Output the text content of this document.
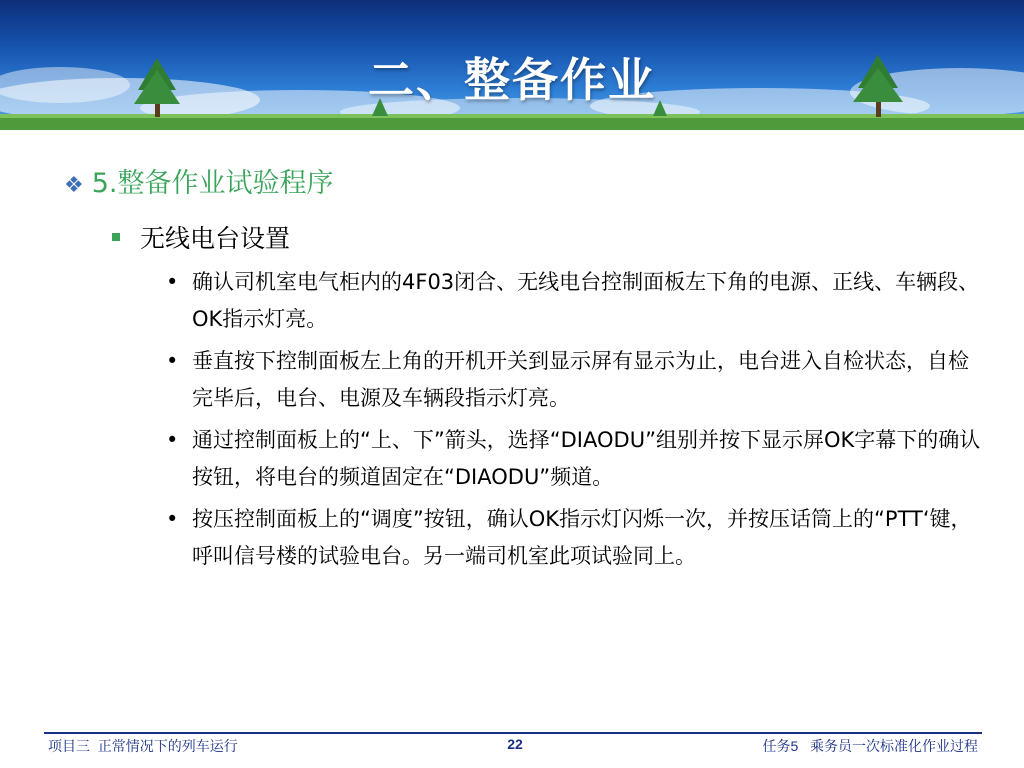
二、整备作业
❖ 5.整备作业试验程序
无线电台设置
• 确认司机室电气柜内的4F03闭合、无线电台控制面板左下角的电源、正线、车辆段、OK指示灯亮。
• 垂直按下控制面板左上角的开机开关到显示屏有显示为止，电台进入自检状态，自检完毕后，电台、电源及车辆段指示灯亮。
• 通过控制面板上的“上、下”箭头，选择“DIAODU”组别并按下显示屏OK字幕下的确认按钮，将电台的频道固定在“DIAODU”频道。
• 按压控制面板上的“调度”按钮，确认OK指示灯闪烁一次，并按压话筒上的“PTT‘键，呼叫信号楼的试验电台。另一端司机室此项试验同上。
项目三  正常情况下的列车运行	22	任务5   乘务员一次标准化作业过程
